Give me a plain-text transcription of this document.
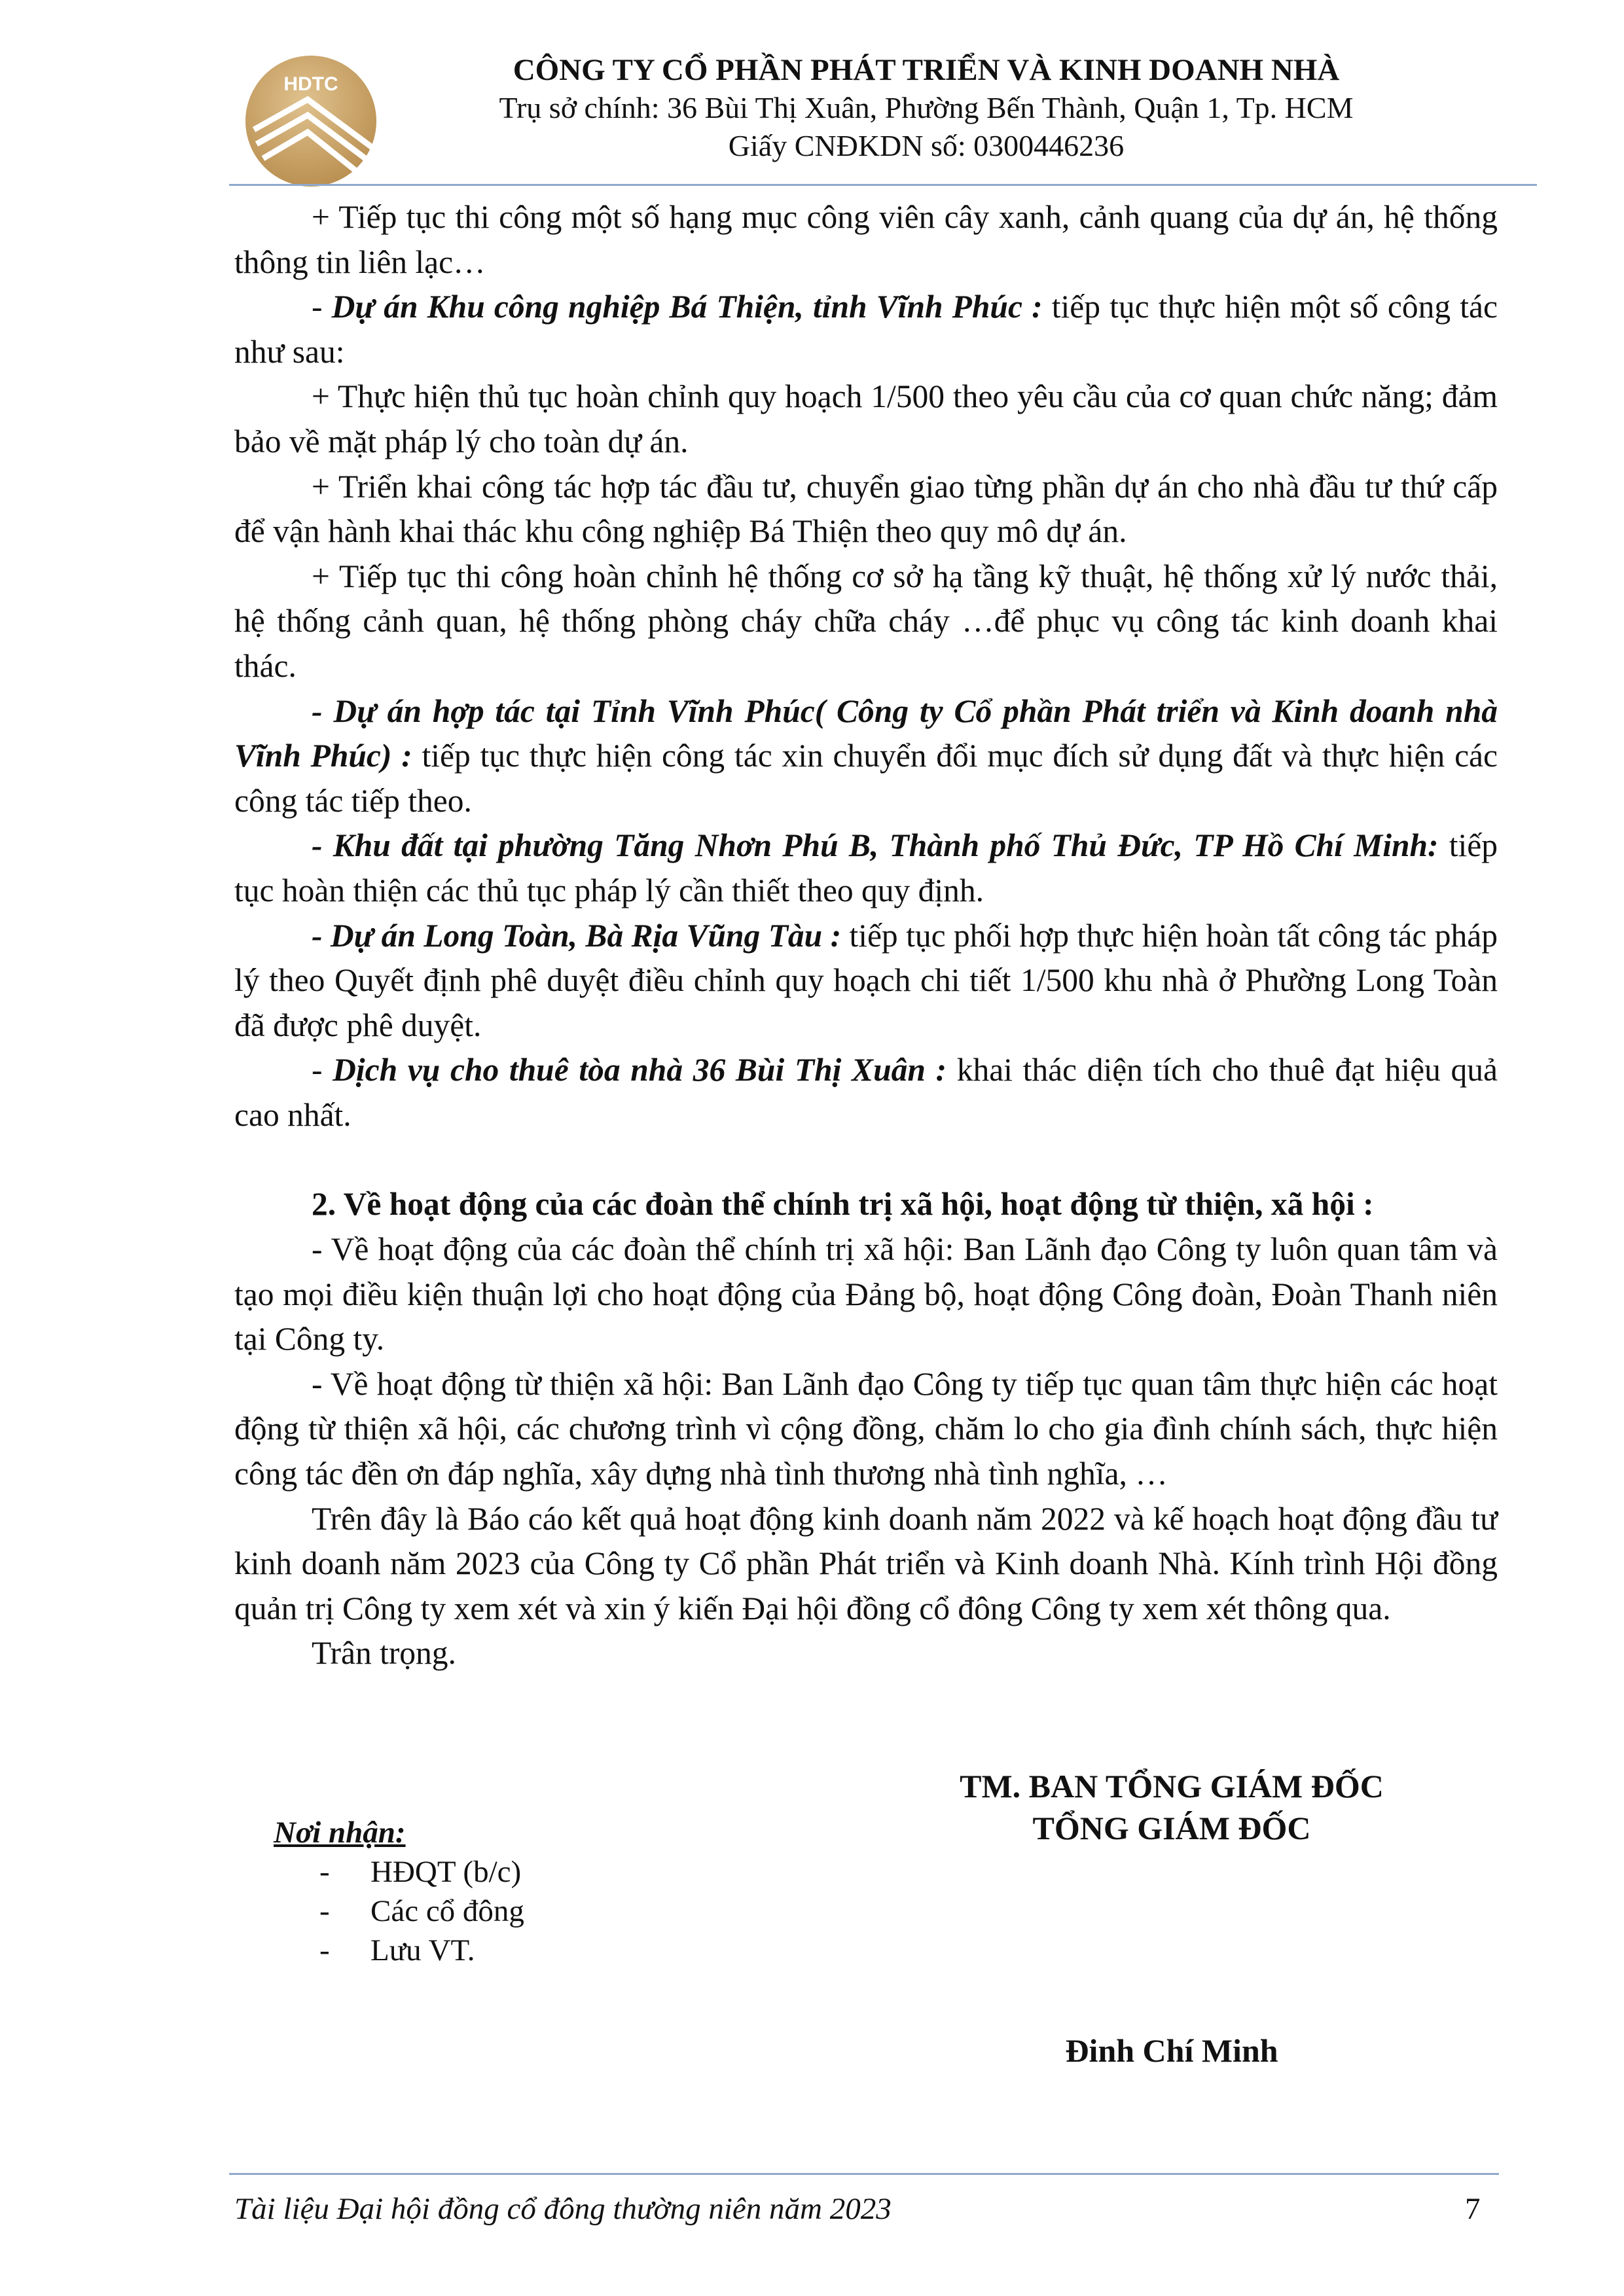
HDTC	CÔNG TY CỔ PHẦN PHÁT TRIỂN VÀ KINH DOANH NHÀ
Trụ sở chính: 36 Bùi Thị Xuân, Phường Bến Thành, Quận 1, Tp. HCM
Giấy CNĐKDN số: 0300446236

+ Tiếp tục thi công một số hạng mục công viên cây xanh, cảnh quang của dự án, hệ thống thông tin liên lạc…

- Dự án Khu công nghiệp Bá Thiện, tỉnh Vĩnh Phúc : tiếp tục thực hiện một số công tác như sau:

+ Thực hiện thủ tục hoàn chỉnh quy hoạch 1/500 theo yêu cầu của cơ quan chức năng; đảm bảo về mặt pháp lý cho toàn dự án.

+ Triển khai công tác hợp tác đầu tư, chuyển giao từng phần dự án cho nhà đầu tư thứ cấp để vận hành khai thác khu công nghiệp Bá Thiện theo quy mô dự án.

+ Tiếp tục thi công hoàn chỉnh hệ thống cơ sở hạ tầng kỹ thuật, hệ thống xử lý nước thải, hệ thống cảnh quan, hệ thống phòng cháy chữa cháy …để phục vụ công tác kinh doanh khai thác.

- Dự án hợp tác tại Tỉnh Vĩnh Phúc( Công ty Cổ phần Phát triển và Kinh doanh nhà Vĩnh Phúc) : tiếp tục thực hiện công tác xin chuyển đổi mục đích sử dụng đất và thực hiện các công tác tiếp theo.

- Khu đất tại phường Tăng Nhơn Phú B, Thành phố Thủ Đức, TP Hồ Chí Minh: tiếp tục hoàn thiện các thủ tục pháp lý cần thiết theo quy định.

- Dự án Long Toàn, Bà Rịa Vũng Tàu : tiếp tục phối hợp thực hiện hoàn tất công tác pháp lý theo Quyết định phê duyệt điều chỉnh quy hoạch chi tiết 1/500 khu nhà ở Phường Long Toàn đã được phê duyệt.

- Dịch vụ cho thuê tòa nhà 36 Bùi Thị Xuân : khai thác diện tích cho thuê đạt hiệu quả cao nhất.

2. Về hoạt động của các đoàn thể chính trị xã hội, hoạt động từ thiện, xã hội :

- Về hoạt động của các đoàn thể chính trị xã hội: Ban Lãnh đạo Công ty luôn quan tâm và tạo mọi điều kiện thuận lợi cho hoạt động của Đảng bộ, hoạt động Công đoàn, Đoàn Thanh niên tại Công ty.

- Về hoạt động từ thiện xã hội: Ban Lãnh đạo Công ty tiếp tục quan tâm thực hiện các hoạt động từ thiện xã hội, các chương trình vì cộng đồng, chăm lo cho gia đình chính sách, thực hiện công tác đền ơn đáp nghĩa, xây dựng nhà tình thương nhà tình nghĩa, …

Trên đây là Báo cáo kết quả hoạt động kinh doanh năm 2022 và kế hoạch hoạt động đầu tư kinh doanh năm 2023 của Công ty Cổ phần Phát triển và Kinh doanh Nhà. Kính trình Hội đồng quản trị Công ty xem xét và xin ý kiến Đại hội đồng cổ đông Công ty xem xét thông qua.

Trân trọng.

TM. BAN TỔNG GIÁM ĐỐC
TỔNG GIÁM ĐỐC
Đinh Chí Minh
Nơi nhận:
-	HĐQT (b/c)
-	Các cổ đông
-	Lưu VT.
Tài liệu Đại hội đồng cổ đông thường niên năm 2023	7
